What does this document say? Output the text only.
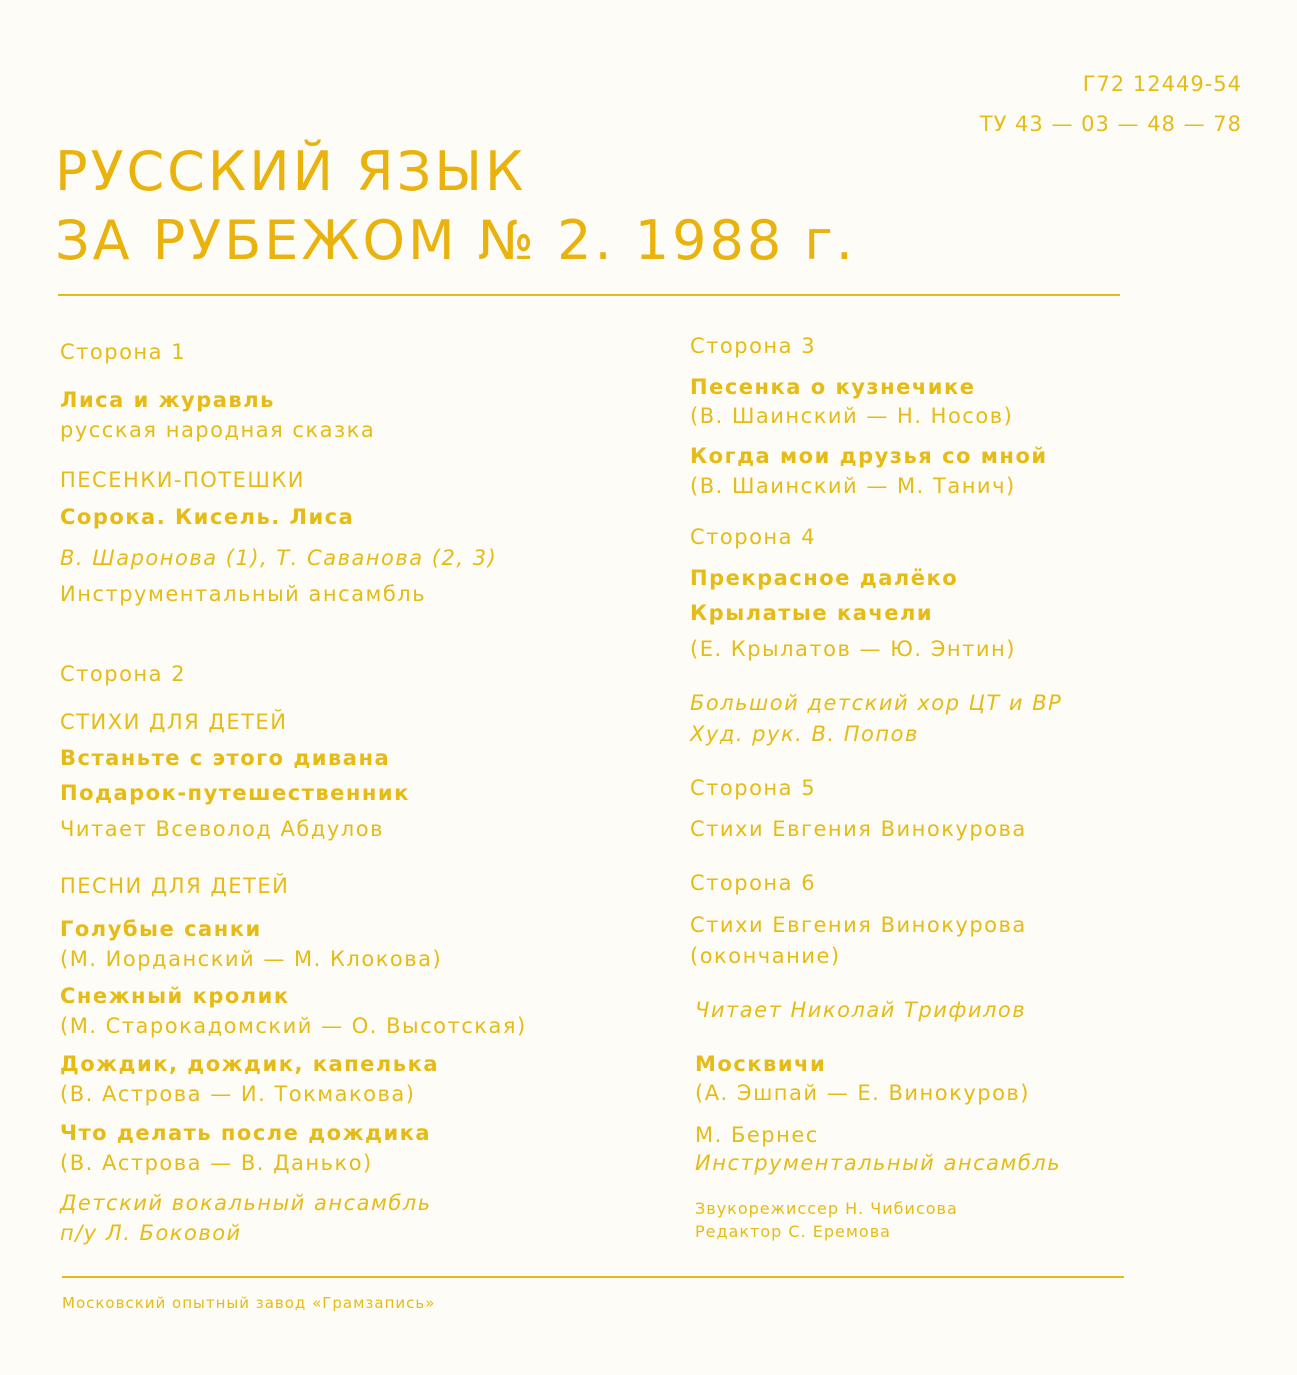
Г72 12449-54
ТУ 43 — 03 — 48 — 78
РУССКИЙ ЯЗЫК
ЗА РУБЕЖОМ № 2. 1988 г.
Сторона 1
Лиса и журавль
русская народная сказка
ПЕСЕНКИ-ПОТЕШКИ
Сорока. Кисель. Лиса
В. Шаронова (1), Т. Саванова (2, 3)
Инструментальный ансамбль
Сторона 2
СТИХИ ДЛЯ ДЕТЕЙ
Встаньте с этого дивана
Подарок-путешественник
Читает Всеволод Абдулов
ПЕСНИ ДЛЯ ДЕТЕЙ
Голубые санки
(М. Иорданский — М. Клокова)
Снежный кролик
(М. Старокадомский — О. Высотская)
Дождик, дождик, капелька
(В. Астрова — И. Токмакова)
Что делать после дождика
(В. Астрова — В. Данько)
Детский вокальный ансамбль
п/у Л. Боковой
Сторона 3
Песенка о кузнечике
(В. Шаинский — Н. Носов)
Когда мои друзья со мной
(В. Шаинский — М. Танич)
Сторона 4
Прекрасное далёко
Крылатые качели
(Е. Крылатов — Ю. Энтин)
Большой детский хор ЦТ и ВР
Худ. рук. В. Попов
Сторона 5
Стихи Евгения Винокурова
Сторона 6
Стихи Евгения Винокурова
(окончание)
Читает Николай Трифилов
Москвичи
(А. Эшпай — Е. Винокуров)
М. Бернес
Инструментальный ансамбль
Звукорежиссер Н. Чибисова
Редактор С. Еремова
Московский опытный завод «Грамзапись»
